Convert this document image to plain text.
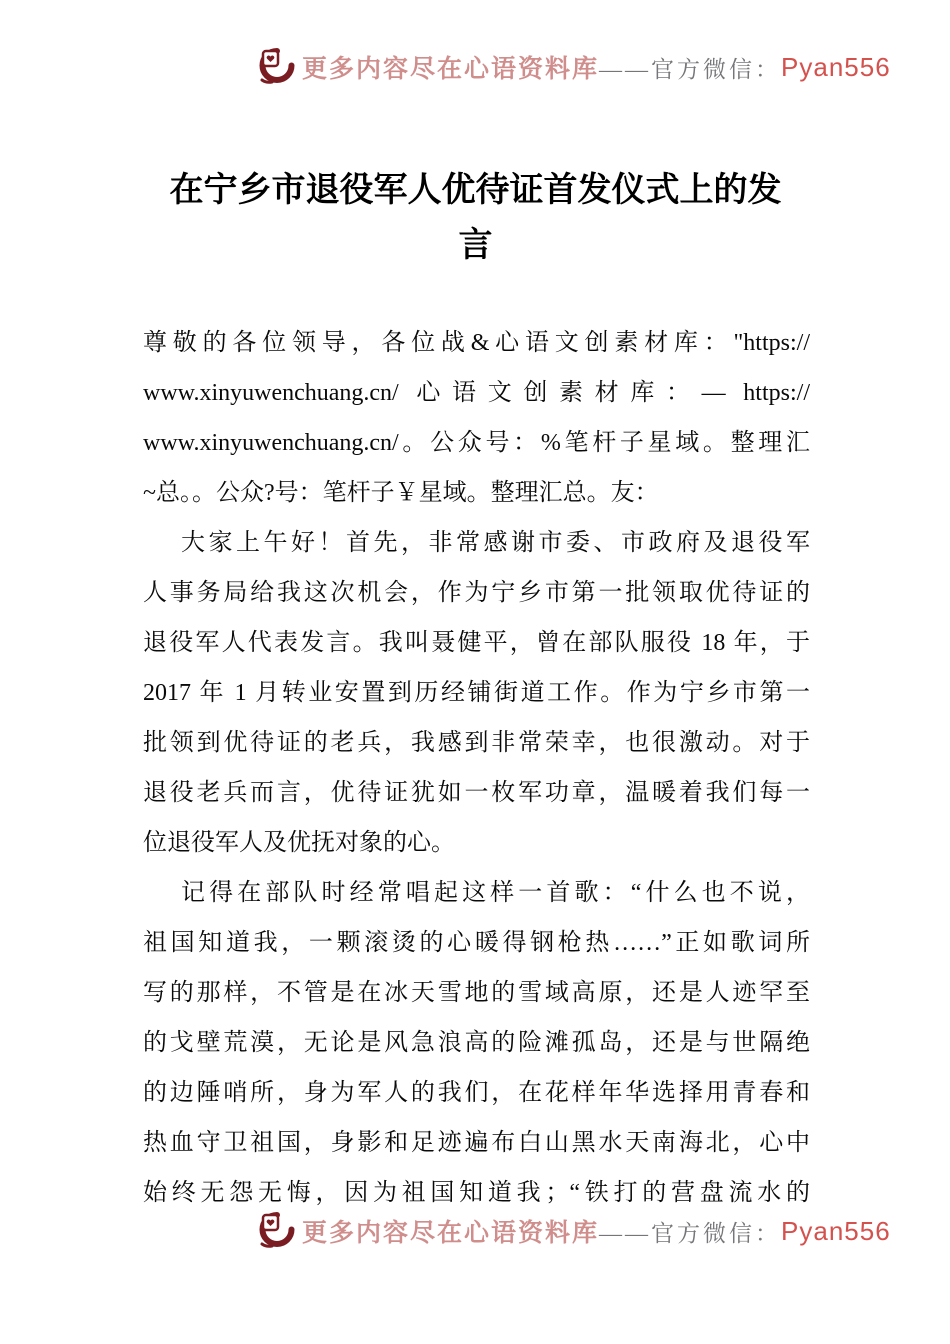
更多内容尽在心语资料库 ——官方微信： Pyan556
在宁乡市退役军人优待证首发仪式上的发
言
尊敬的各位领导，各位战&心语文创素材库："https://
www.xinyuwenchuang.cn/ 心语文创素材库：— https://
www.xinyuwenchuang.cn/。公众号：%笔杆子星域。整理汇
~总。。公众?号：笔杆子￥星域。整理汇总。友：
大家上午好！首先，非常感谢市委、市政府及退役军
人事务局给我这次机会，作为宁乡市第一批领取优待证的
退役军人代表发言。我叫聂健平，曾在部队服役 18 年，于
2017 年 1 月转业安置到历经铺街道工作。作为宁乡市第一
批领到优待证的老兵，我感到非常荣幸，也很激动。对于
退役老兵而言，优待证犹如一枚军功章，温暖着我们每一
位退役军人及优抚对象的心。
记得在部队时经常唱起这样一首歌：“什么也不说，
祖国知道我，一颗滚烫的心暖得钢枪热……”正如歌词所
写的那样，不管是在冰天雪地的雪域高原，还是人迹罕至
的戈壁荒漠，无论是风急浪高的险滩孤岛，还是与世隔绝
的边陲哨所，身为军人的我们，在花样年华选择用青春和
热血守卫祖国，身影和足迹遍布白山黑水天南海北，心中
始终无怨无悔，因为祖国知道我；“铁打的营盘流水的
更多内容尽在心语资料库 ——官方微信： Pyan556
